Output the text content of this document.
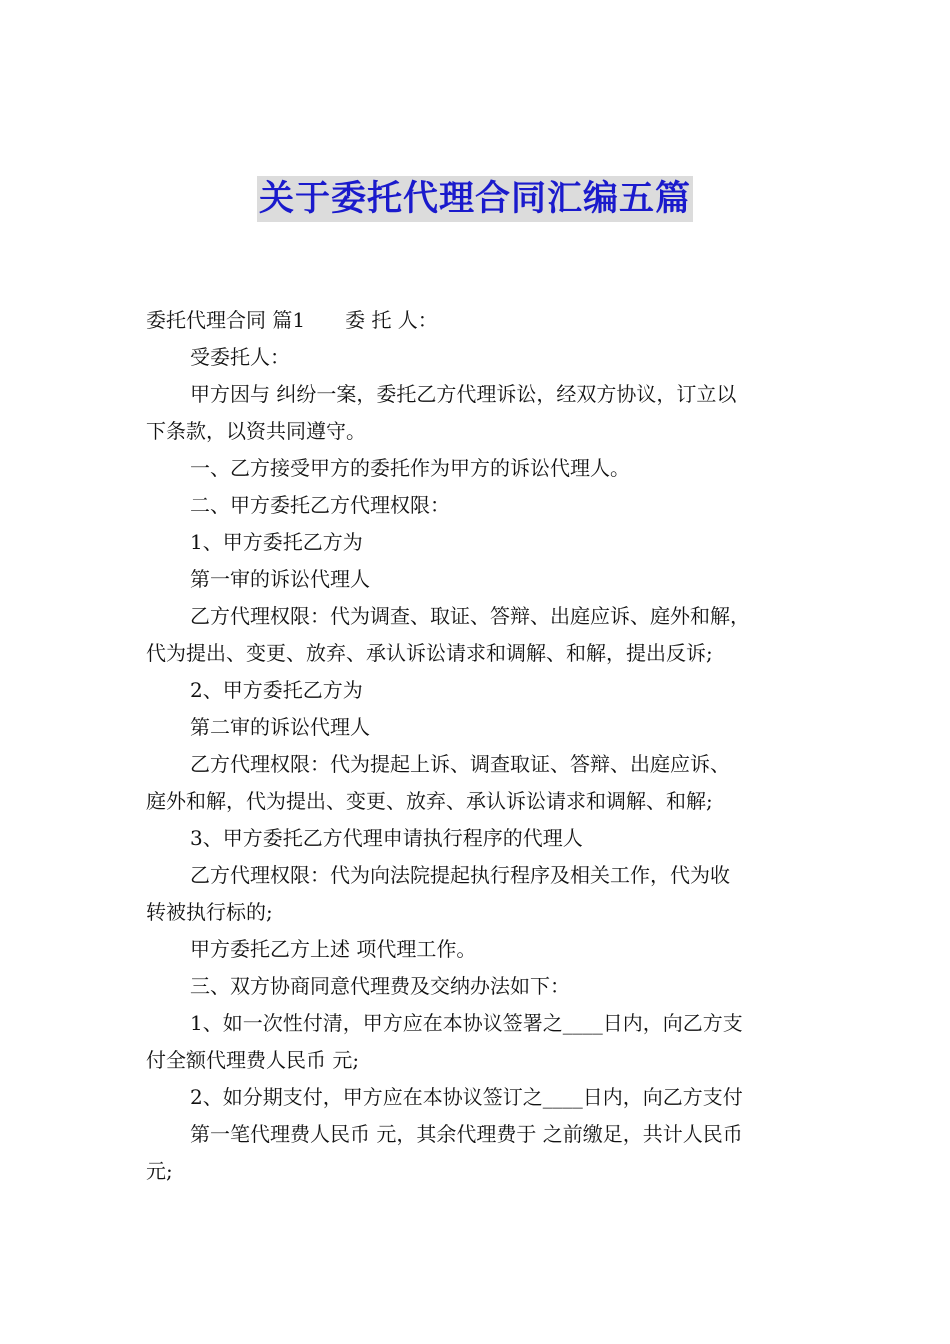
关于委托代理合同汇编五篇

委托代理合同 篇1 委 托 人：

受委托人：

甲方因与 纠纷一案，委托乙方代理诉讼，经双方协议，订立以

下条款，以资共同遵守。

一、乙方接受甲方的委托作为甲方的诉讼代理人。

二、甲方委托乙方代理权限：

1、甲方委托乙方为

第一审的诉讼代理人

乙方代理权限：代为调查、取证、答辩、出庭应诉、庭外和解，

代为提出、变更、放弃、承认诉讼请求和调解、和解，提出反诉;

2、甲方委托乙方为

第二审的诉讼代理人

乙方代理权限：代为提起上诉、调查取证、答辩、出庭应诉、

庭外和解，代为提出、变更、放弃、承认诉讼请求和调解、和解;

3、甲方委托乙方代理申请执行程序的代理人

乙方代理权限：代为向法院提起执行程序及相关工作，代为收

转被执行标的;

甲方委托乙方上述 项代理工作。

三、双方协商同意代理费及交纳办法如下：

1、如一次性付清，甲方应在本协议签署之____日内，向乙方支

付全额代理费人民币 元;

2、如分期支付，甲方应在本协议签订之____日内，向乙方支付

第一笔代理费人民币 元，其余代理费于 之前缴足，共计人民币

元;
